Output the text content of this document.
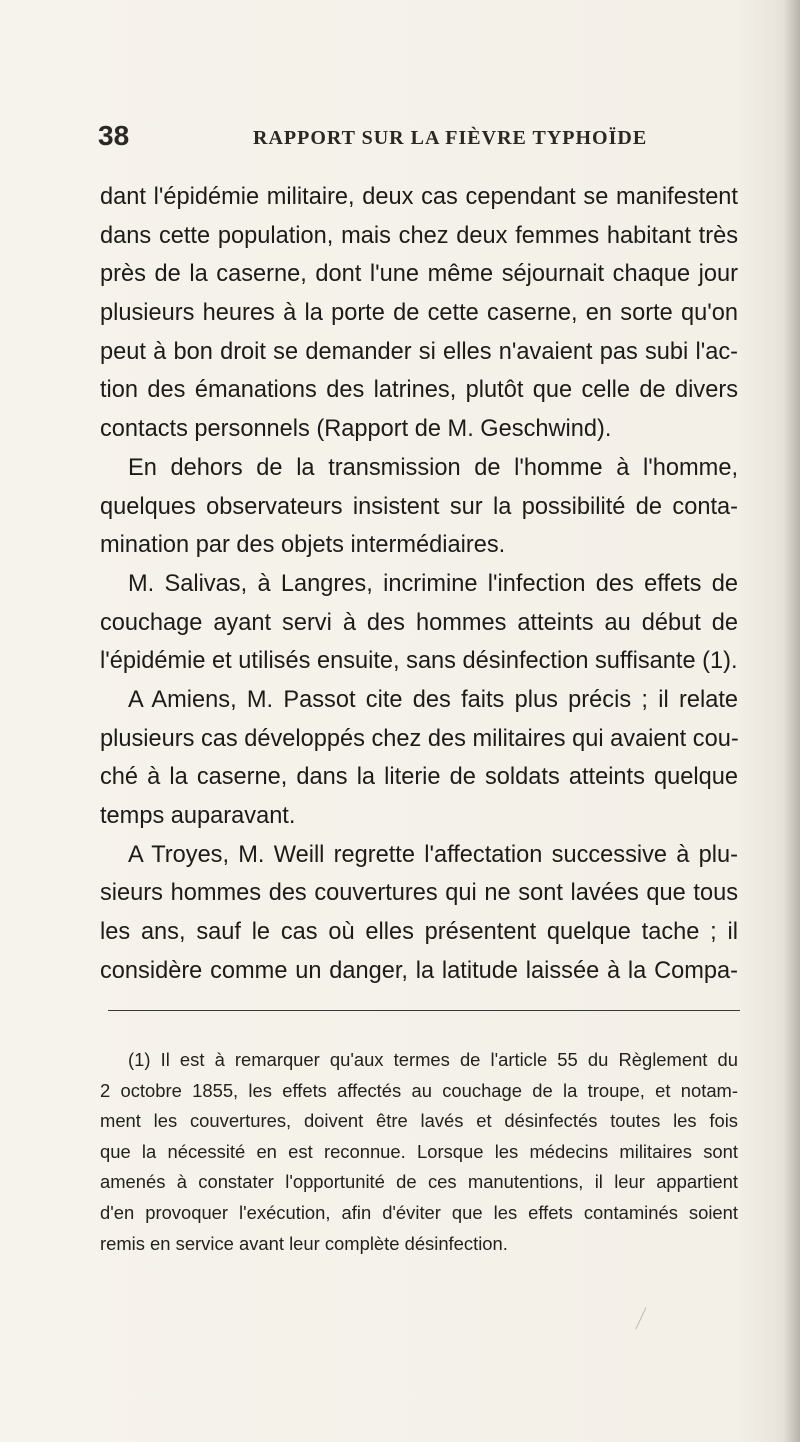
38	RAPPORT SUR LA FIÈVRE TYPHOÏDE
dant l'épidémie militaire, deux cas cependant se manifestent
dans cette population, mais chez deux femmes habitant très
près de la caserne, dont l'une même séjournait chaque jour
plusieurs heures à la porte de cette caserne, en sorte qu'on
peut à bon droit se demander si elles n'avaient pas subi l'ac-
tion des émanations des latrines, plutôt que celle de divers
contacts personnels (Rapport de M. Geschwind).
En dehors de la transmission de l'homme à l'homme,
quelques observateurs insistent sur la possibilité de conta-
mination par des objets intermédiaires.
M. Salivas, à Langres, incrimine l'infection des effets de
couchage ayant servi à des hommes atteints au début de
l'épidémie et utilisés ensuite, sans désinfection suffisante (1).
A Amiens, M. Passot cite des faits plus précis ; il relate
plusieurs cas développés chez des militaires qui avaient cou-
ché à la caserne, dans la literie de soldats atteints quelque
temps auparavant.
A Troyes, M. Weill regrette l'affectation successive à plu-
sieurs hommes des couvertures qui ne sont lavées que tous
les ans, sauf le cas où elles présentent quelque tache ; il
considère comme un danger, la latitude laissée à la Compa-
(1) Il est à remarquer qu'aux termes de l'article 55 du Règlement du
2 octobre 1855, les effets affectés au couchage de la troupe, et notam-
ment les couvertures, doivent être lavés et désinfectés toutes les fois
que la nécessité en est reconnue. Lorsque les médecins militaires sont
amenés à constater l'opportunité de ces manutentions, il leur appartient
d'en provoquer l'exécution, afin d'éviter que les effets contaminés soient
remis en service avant leur complète désinfection.
